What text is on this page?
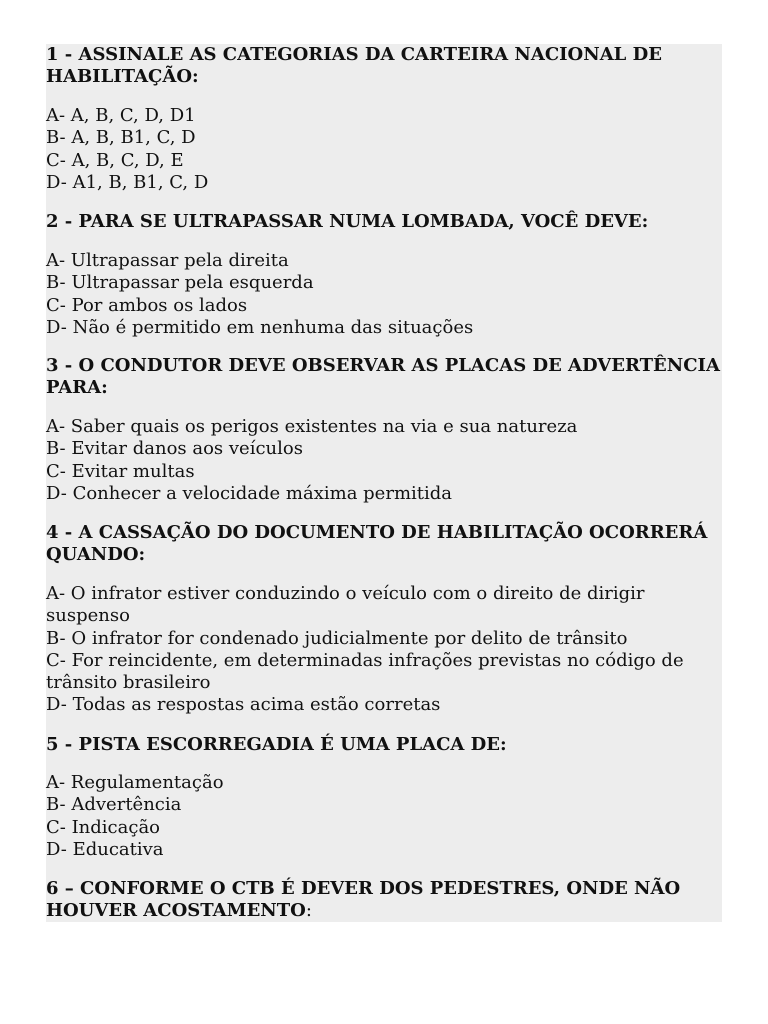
1 - ASSINALE AS CATEGORIAS DA CARTEIRA NACIONAL DE HABILITAÇÃO:

A- A, B, C, D, D1
B- A, B, B1, C, D
C- A, B, C, D, E
D- A1, B, B1, C, D

2 - PARA SE ULTRAPASSAR NUMA LOMBADA, VOCÊ DEVE:

A- Ultrapassar pela direita
B- Ultrapassar pela esquerda
C- Por ambos os lados
D- Não é permitido em nenhuma das situações

3 - O CONDUTOR DEVE OBSERVAR AS PLACAS DE ADVERTÊNCIA PARA:

A- Saber quais os perigos existentes na via e sua natureza
B- Evitar danos aos veículos
C- Evitar multas
D- Conhecer a velocidade máxima permitida

4 - A CASSAÇÃO DO DOCUMENTO DE HABILITAÇÃO OCORRERÁ QUANDO:

A- O infrator estiver conduzindo o veículo com o direito de dirigir suspenso
B- O infrator for condenado judicialmente por delito de trânsito
C- For reincidente, em determinadas infrações previstas no código de trânsito brasileiro
D- Todas as respostas acima estão corretas

5 - PISTA ESCORREGADIA É UMA PLACA DE:

A- Regulamentação
B- Advertência
C- Indicação
D- Educativa

6 – CONFORME O CTB É DEVER DOS PEDESTRES, ONDE NÃO HOUVER ACOSTAMENTO:
